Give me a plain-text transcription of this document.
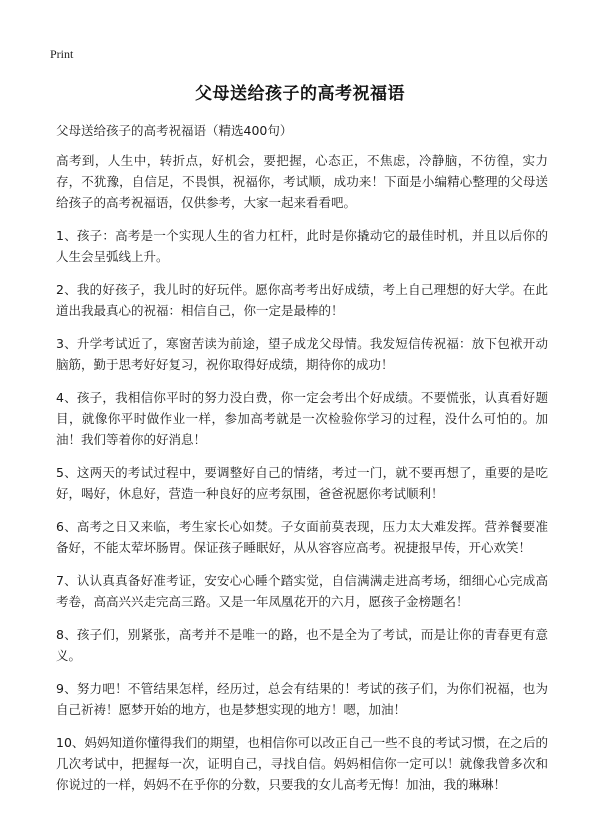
Print
父母送给孩子的高考祝福语
父母送给孩子的高考祝福语（精选400句）

高考到，人生中，转折点，好机会，要把握，心态正，不焦虑，冷静脑，不彷徨，实力存，不犹豫，自信足，不畏惧，祝福你，考试顺，成功来！下面是小编精心整理的父母送给孩子的高考祝福语，仅供参考，大家一起来看看吧。

1、孩子：高考是一个实现人生的省力杠杆，此时是你撬动它的最佳时机，并且以后你的人生会呈弧线上升。

2、我的好孩子，我儿时的好玩伴。愿你高考考出好成绩，考上自己理想的好大学。在此道出我最真心的祝福：相信自己，你一定是最棒的！

3、升学考试近了，寒窗苦读为前途，望子成龙父母情。我发短信传祝福：放下包袱开动脑筋，勤于思考好好复习，祝你取得好成绩，期待你的成功！

4、孩子，我相信你平时的努力没白费，你一定会考出个好成绩。不要慌张，认真看好题目，就像你平时做作业一样，参加高考就是一次检验你学习的过程，没什么可怕的。加油！我们等着你的好消息！

5、这两天的考试过程中，要调整好自己的情绪，考过一门，就不要再想了，重要的是吃好，喝好，休息好，营造一种良好的应考氛围，爸爸祝愿你考试顺利！

6、高考之日又来临，考生家长心如焚。子女面前莫表现，压力太大难发挥。营养餐要准备好，不能太荤坏肠胃。保证孩子睡眠好，从从容容应高考。祝捷报早传，开心欢笑！

7、认认真真备好准考证，安安心心睡个踏实觉，自信满满走进高考场，细细心心完成高考卷，高高兴兴走完高三路。又是一年凤凰花开的六月，愿孩子金榜题名！

8、孩子们，别紧张，高考并不是唯一的路，也不是全为了考试，而是让你的青春更有意义。

9、努力吧！不管结果怎样，经历过，总会有结果的！考试的孩子们，为你们祝福，也为自己祈祷！愿梦开始的地方，也是梦想实现的地方！嗯，加油！

10、妈妈知道你懂得我们的期望，也相信你可以改正自己一些不良的考试习惯，在之后的几次考试中，把握每一次，证明自己，寻找自信。妈妈相信你一定可以！就像我曾多次和你说过的一样，妈妈不在乎你的分数，只要我的女儿高考无悔！加油，我的琳琳！
